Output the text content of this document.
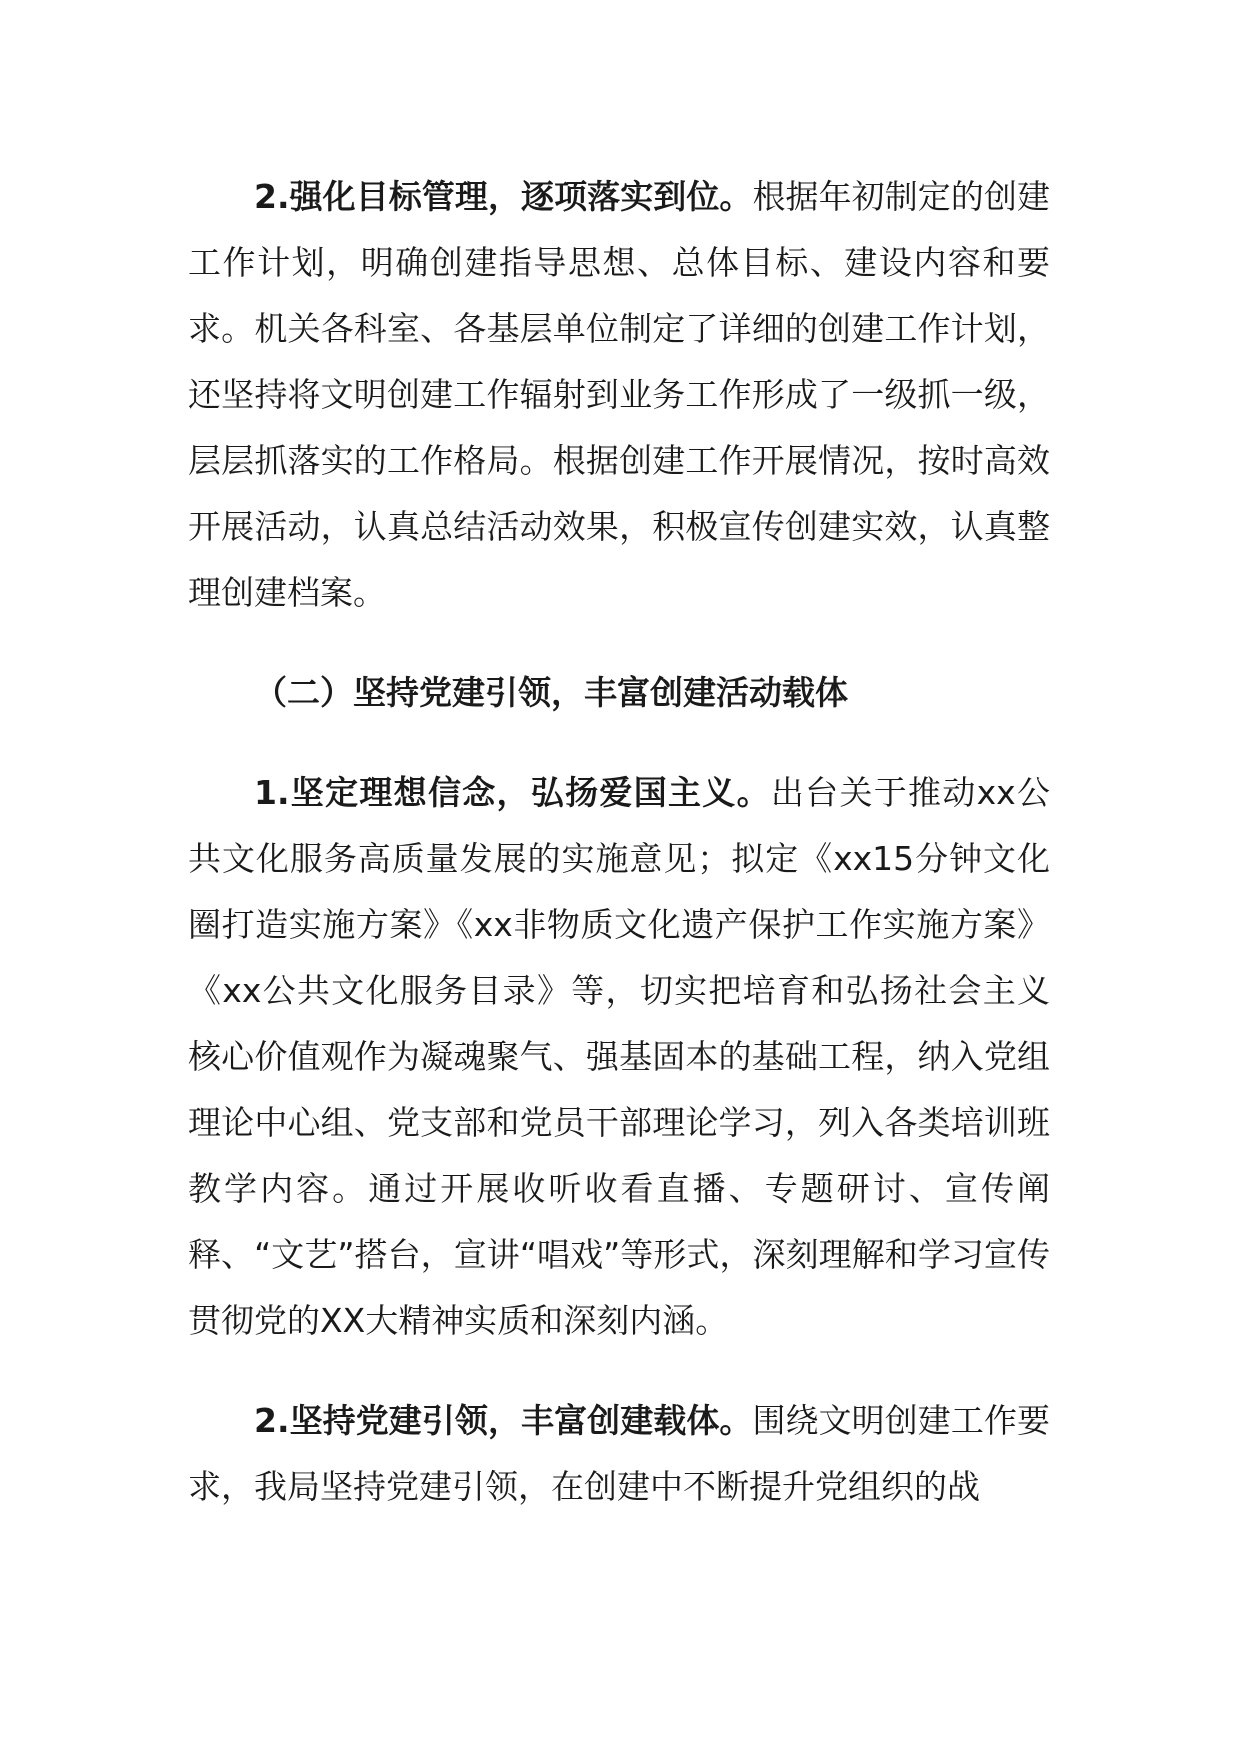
2.强化目标管理，逐项落实到位。根据年初制定的创建工作计划，明确创建指导思想、总体目标、建设内容和要求。机关各科室、各基层单位制定了详细的创建工作计划，还坚持将文明创建工作辐射到业务工作形成了一级抓一级，层层抓落实的工作格局。根据创建工作开展情况，按时高效开展活动，认真总结活动效果，积极宣传创建实效，认真整理创建档案。

（二）坚持党建引领，丰富创建活动载体

1.坚定理想信念，弘扬爱国主义。出台关于推动xx公共文化服务高质量发展的实施意见；拟定《xx15分钟文化圈打造实施方案》《xx非物质文化遗产保护工作实施方案》《xx公共文化服务目录》等，切实把培育和弘扬社会主义核心价值观作为凝魂聚气、强基固本的基础工程，纳入党组理论中心组、党支部和党员干部理论学习，列入各类培训班教学内容。通过开展收听收看直播、专题研讨、宣传阐释、“文艺”搭台，宣讲“唱戏”等形式，深刻理解和学习宣传贯彻党的XX大精神实质和深刻内涵。

2.坚持党建引领，丰富创建载体。围绕文明创建工作要求，我局坚持党建引领，在创建中不断提升党组织的战
